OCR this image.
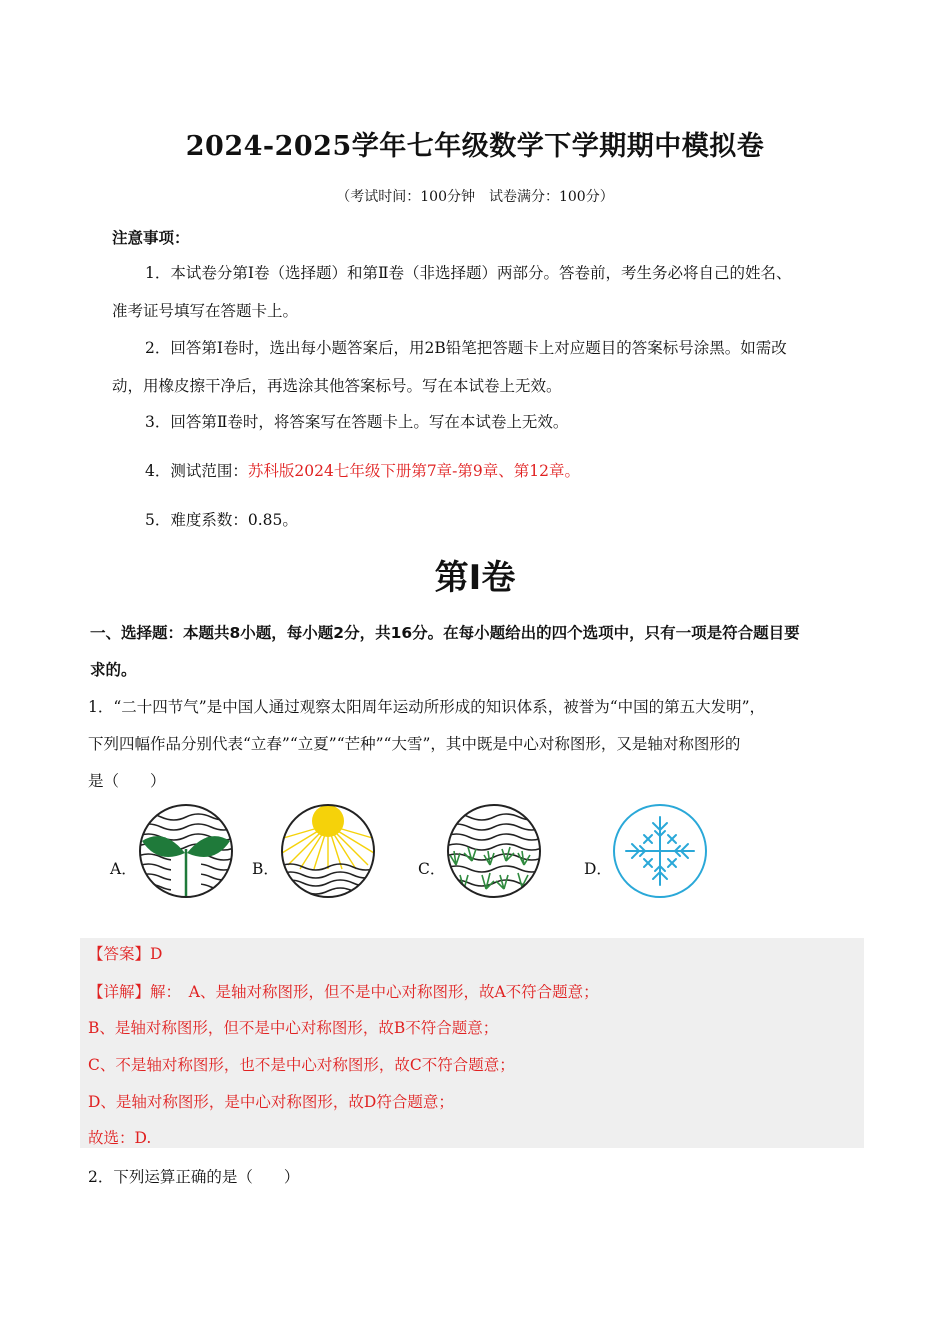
2024-2025学年七年级数学下学期期中模拟卷
（考试时间：100分钟　试卷满分：100分）
注意事项：
1．本试卷分第Ⅰ卷（选择题）和第Ⅱ卷（非选择题）两部分。答卷前，考生务必将自己的姓名、
准考证号填写在答题卡上。
2．回答第Ⅰ卷时，选出每小题答案后，用2B铅笔把答题卡上对应题目的答案标号涂黑。如需改
动，用橡皮擦干净后，再选涂其他答案标号。写在本试卷上无效。
3．回答第Ⅱ卷时，将答案写在答题卡上。写在本试卷上无效。
4．测试范围：苏科版2024七年级下册第7章-第9章、第12章。
5．难度系数：0.85。
第Ⅰ卷
一、选择题：本题共8小题，每小题2分，共16分。在每小题给出的四个选项中，只有一项是符合题目要
求的。
1．“二十四节气”是中国人通过观察太阳周年运动所形成的知识体系，被誉为“中国的第五大发明”，
下列四幅作品分别代表“立春”“立夏”“芒种”“大雪”，其中既是中心对称图形，又是轴对称图形的
是（　　）
A．	B．	C．	D．
【答案】D
【详解】解：　A、是轴对称图形，但不是中心对称图形，故A不符合题意；
B、是轴对称图形，但不是中心对称图形，故B不符合题意；
C、不是轴对称图形，也不是中心对称图形，故C不符合题意；
D、是轴对称图形，是中心对称图形，故D符合题意；
故选：D.
2．下列运算正确的是（　　）
